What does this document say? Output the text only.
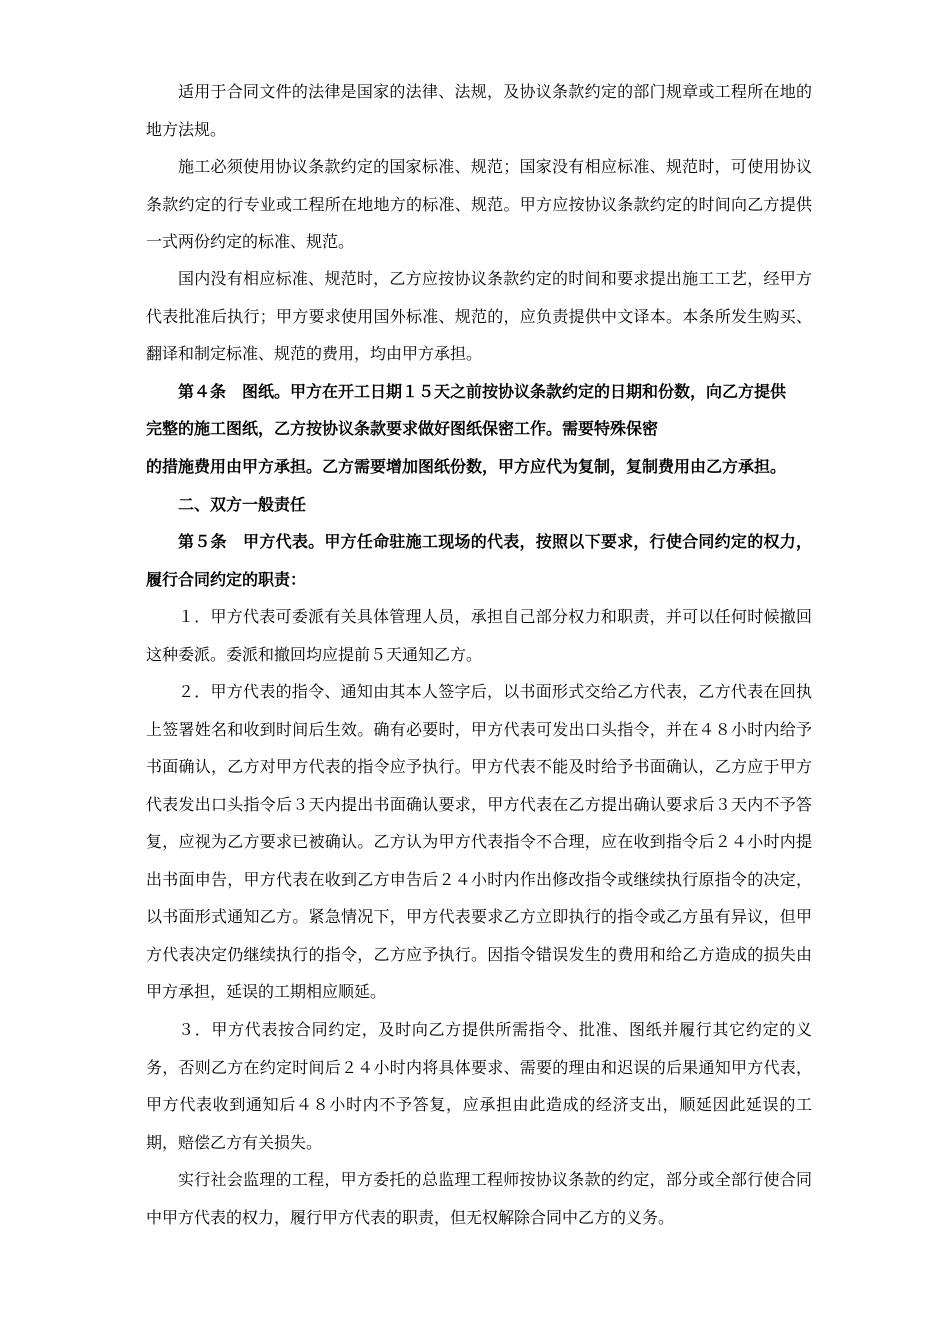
适用于合同文件的法律是国家的法律、法规，及协议条款约定的部门规章或工程所在地的地方法规。

施工必须使用协议条款约定的国家标准、规范；国家没有相应标准、规范时，可使用协议条款约定的行专业或工程所在地地方的标准、规范。甲方应按协议条款约定的时间向乙方提供一式两份约定的标准、规范。

国内没有相应标准、规范时，乙方应按协议条款约定的时间和要求提出施工工艺，经甲方代表批准后执行；甲方要求使用国外标准、规范的，应负责提供中文译本。本条所发生购买、翻译和制定标准、规范的费用，均由甲方承担。

第４条　图纸。甲方在开工日期１５天之前按协议条款约定的日期和份数，向乙方提供

完整的施工图纸，乙方按协议条款要求做好图纸保密工作。需要特殊保密

的措施费用由甲方承担。乙方需要增加图纸份数，甲方应代为复制，复制费用由乙方承担。

二、双方一般责任

第５条　甲方代表。甲方任命驻施工现场的代表，按照以下要求，行使合同约定的权力，履行合同约定的职责：

１．甲方代表可委派有关具体管理人员，承担自己部分权力和职责，并可以任何时候撤回这种委派。委派和撤回均应提前５天通知乙方。

２．甲方代表的指令、通知由其本人签字后，以书面形式交给乙方代表，乙方代表在回执上签署姓名和收到时间后生效。确有必要时，甲方代表可发出口头指令，并在４８小时内给予书面确认，乙方对甲方代表的指令应予执行。甲方代表不能及时给予书面确认，乙方应于甲方代表发出口头指令后３天内提出书面确认要求，甲方代表在乙方提出确认要求后３天内不予答复，应视为乙方要求已被确认。乙方认为甲方代表指令不合理，应在收到指令后２４小时内提出书面申告，甲方代表在收到乙方申告后２４小时内作出修改指令或继续执行原指令的决定，以书面形式通知乙方。紧急情况下，甲方代表要求乙方立即执行的指令或乙方虽有异议，但甲方代表决定仍继续执行的指令，乙方应予执行。因指令错误发生的费用和给乙方造成的损失由甲方承担，延误的工期相应顺延。

３．甲方代表按合同约定，及时向乙方提供所需指令、批准、图纸并履行其它约定的义务，否则乙方在约定时间后２４小时内将具体要求、需要的理由和迟误的后果通知甲方代表，甲方代表收到通知后４８小时内不予答复，应承担由此造成的经济支出，顺延因此延误的工期，赔偿乙方有关损失。

实行社会监理的工程，甲方委托的总监理工程师按协议条款的约定，部分或全部行使合同中甲方代表的权力，履行甲方代表的职责，但无权解除合同中乙方的义务。
